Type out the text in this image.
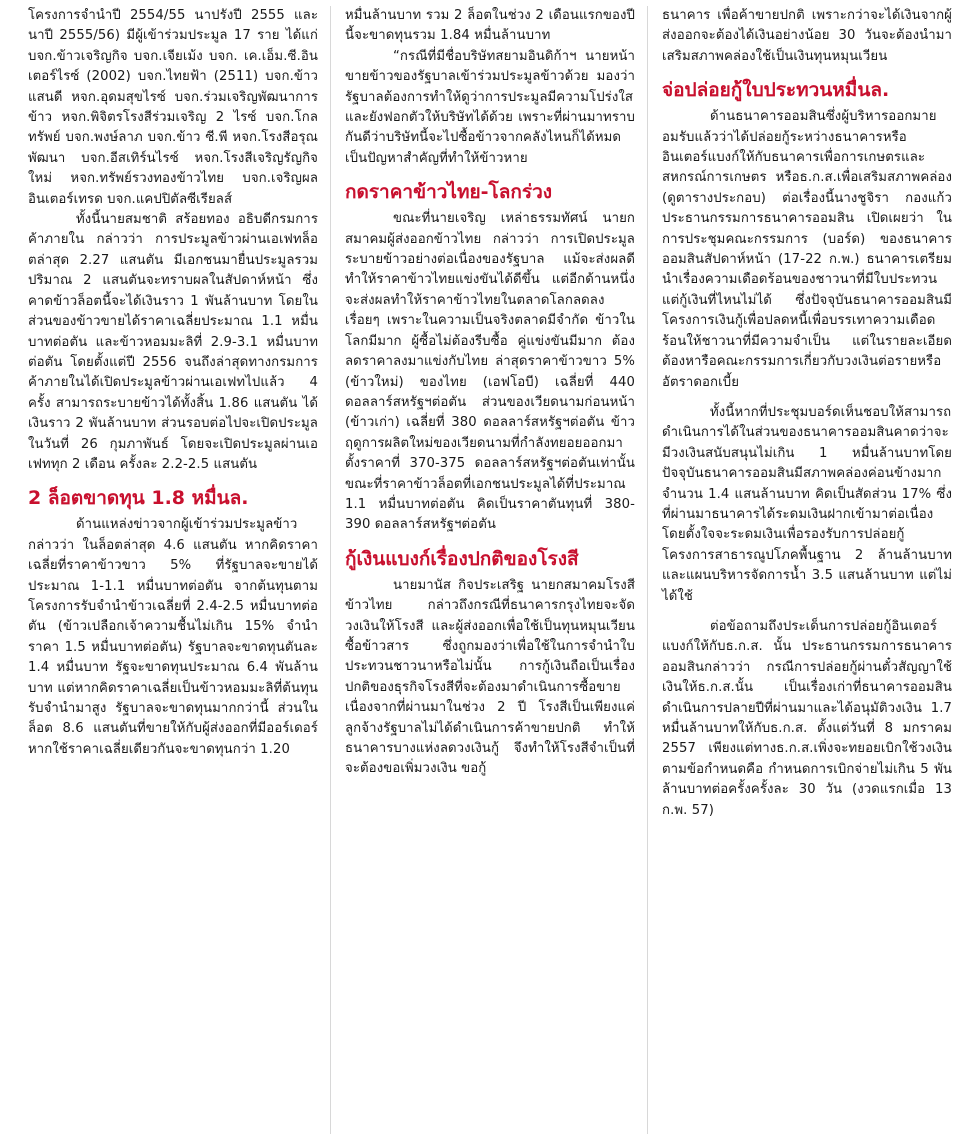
โครงการจำนำปี 2554/55 นาปรังปี 2555 และนาปี 2555/56) มีผู้เข้าร่วมประมูล 17 ราย ได้แก่ บจก.ข้าวเจริญกิจ บจก.เจียเม้ง บจก. เค.เอ็ม.ซี.อินเตอร์ไรซ์ (2002) บจก.ไทยฟ้า (2511) บจก.ข้าวแสนดี หจก.อุดมสุขไรซ์ บจก.ร่วมเจริญพัฒนาการข้าว หจก.พิจิตรโรงสีร่วมเจริญ 2 ไรซ์ บจก.โกลทรัพย์ บจก.พงษ์ลาภ บจก.ข้าว ซี.พี หจก.โรงสีอรุณพัฒนา บจก.อีสเทิร์นไรซ์ หจก.โรงสีเจริญรัญกิจใหม่ หจก.ทรัพย์รวงทองข้าวไทย บจก.เจริญผลอินเตอร์เทรด บจก.แคปปิตัลซีเรียลส์

ทั้งนี้นายสมชาติ สร้อยทอง อธิบดีกรมการค้าภายใน กล่าวว่า การประมูลข้าวผ่านเอเฟทล็อตล่าสุด 2.27 แสนตัน มีเอกชนมายื่นประมูลรวมปริมาณ 2 แสนตันจะทราบผลในสัปดาห์หน้า ซึ่งคาดข้าวล็อตนี้จะได้เงินราว 1 พันล้านบาท โดยในส่วนของข้าวขายได้ราคาเฉลี่ยประมาณ 1.1 หมื่นบาทต่อตัน และข้าวหอมมะลิที่ 2.9-3.1 หมื่นบาทต่อตัน โดยตั้งแต่ปี 2556 จนถึงล่าสุดทางกรมการค้าภายในได้เปิดประมูลข้าวผ่านเอเฟทไปแล้ว 4 ครั้ง สามารถระบายข้าวได้ทั้งสิ้น 1.86 แสนตัน ได้เงินราว 2 พันล้านบาท ส่วนรอบต่อไปจะเปิดประมูลในวันที่ 26 กุมภาพันธ์ โดยจะเปิดประมูลผ่านเอเฟททุก 2 เดือน ครั้งละ 2.2-2.5 แสนตัน

2 ล็อตขาดทุน 1.8 หมื่นล.

ด้านแหล่งข่าวจากผู้เข้าร่วมประมูลข้าว กล่าวว่า ในล็อตล่าสุด 4.6 แสนตัน หากคิดราคาเฉลี่ยที่ราคาข้าวขาว 5% ที่รัฐบาลจะขายได้ประมาณ 1-1.1 หมื่นบาทต่อตัน จากต้นทุนตามโครงการรับจำนำข้าวเฉลี่ยที่ 2.4-2.5 หมื่นบาทต่อตัน (ข้าวเปลือกเจ้าความชื้นไม่เกิน 15% จำนำราคา 1.5 หมื่นบาทต่อตัน) รัฐบาลจะขาดทุนตันละ 1.4 หมื่นบาท รัฐจะขาดทุนประมาณ 6.4 พันล้านบาท แต่หากคิดราคาเฉลี่ยเป็นข้าวหอมมะลิที่ต้นทุนรับจำนำมาสูง รัฐบาลจะขาดทุนมากกว่านี้ ส่วนในล็อต 8.6 แสนตันที่ขายให้กับผู้ส่งออกที่มีออร์เดอร์หากใช้ราคาเฉลี่ยเดียวกันจะขาดทุนกว่า 1.20

หมื่นล้านบาท รวม 2 ล็อตในช่วง 2 เดือนแรกของปีนี้จะขาดทุนรวม 1.84 หมื่นล้านบาท

“กรณีที่มีชื่อบริษัทสยามอินดิก้าฯ นายหน้าขายข้าวของรัฐบาลเข้าร่วมประมูลข้าวด้วย มองว่ารัฐบาลต้องการทำให้ดูว่าการประมูลมีความโปร่งใส และยังฟอกตัวให้บริษัทได้ด้วย เพราะที่ผ่านมาทราบกันดีว่าบริษัทนี้จะไปซื้อข้าวจากคลังไหนก็ได้หมด เป็นปัญหาสำคัญที่ทำให้ข้าวหาย

กดราคาข้าวไทย-โลกร่วง

ขณะที่นายเจริญ เหล่าธรรมทัศน์ นายกสมาคมผู้ส่งออกข้าวไทย กล่าวว่า การเปิดประมูลระบายข้าวอย่างต่อเนื่องของรัฐบาล แม้จะส่งผลดีทำให้ราคาข้าวไทยแข่งขันได้ดีขึ้น แต่อีกด้านหนึ่งจะส่งผลทำให้ราคาข้าวไทยในตลาดโลกลดลงเรื่อยๆ เพราะในความเป็นจริงตลาดมีจำกัด ข้าวในโลกมีมาก ผู้ซื้อไม่ต้องรีบซื้อ คู่แข่งขันมีมาก ต้องลดราคาลงมาแข่งกับไทย ล่าสุดราคาข้าวขาว 5% (ข้าวใหม่) ของไทย (เอฟโอบี) เฉลี่ยที่ 440 ดอลลาร์สหรัฐฯต่อตัน ส่วนของเวียดนามก่อนหน้า (ข้าวเก่า) เฉลี่ยที่ 380 ดอลลาร์สหรัฐฯต่อตัน ข้าวฤดูการผลิตใหม่ของเวียดนามที่กำลังทยอยออกมา ตั้งราคาที่ 370-375 ดอลลาร์สหรัฐฯต่อตันเท่านั้น ขณะที่ราคาข้าวล็อตที่เอกชนประมูลได้ที่ประมาณ 1.1 หมื่นบาทต่อตัน คิดเป็นราคาตันทุนที่ 380-390 ดอลลาร์สหรัฐฯต่อตัน

กู้เงินแบงก์เรื่องปกติของโรงสี

นายมานัส กิจประเสริฐ นายกสมาคมโรงสีข้าวไทย กล่าวถึงกรณีที่ธนาคารกรุงไทยจะจัดวงเงินให้โรงสี และผู้ส่งออกเพื่อใช้เป็นทุนหมุนเวียนซื้อข้าวสาร ซึ่งถูกมองว่าเพื่อใช้ในการจำนำใบประทวนชาวนาหรือไม่นั้น การกู้เงินถือเป็นเรื่องปกติของธุรกิจโรงสีที่จะต้องมาดำเนินการซื้อขาย เนื่องจากที่ผ่านมาในช่วง 2 ปี โรงสีเป็นเพียงแค่ลูกจ้างรัฐบาลไม่ได้ดำเนินการค้าขายปกติ ทำให้ธนาคารบางแห่งลดวงเงินกู้ จึงทำให้โรงสีจำเป็นที่จะต้องขอเพิ่มวงเงิน ขอกู้

ธนาคาร เพื่อค้าขายปกติ เพราะกว่าจะได้เงินจากผู้ส่งออกจะต้องได้เงินอย่างน้อย 30 วันจะต้องนำมาเสริมสภาพคล่องใช้เป็นเงินทุนหมุนเวียน

จ่อปล่อยกู้ใบประทวนหมื่นล.

ด้านธนาคารออมสินซึ่งผู้บริหารออกมายอมรับแล้วว่าได้ปล่อยกู้ระหว่างธนาคารหรืออินเตอร์แบงก์ให้กับธนาคารเพื่อการเกษตรและสหกรณ์การเกษตร หรือธ.ก.ส.เพื่อเสริมสภาพคล่อง (ดูตารางประกอบ) ต่อเรื่องนี้นางชูจิรา กองแก้ว ประธานกรรมการธนาคารออมสิน เปิดเผยว่า ในการประชุมคณะกรรมการ (บอร์ด) ของธนาคารออมสินสัปดาห์หน้า (17-22 ก.พ.) ธนาคารเตรียมนำเรื่องความเดือดร้อนของชาวนาที่มีใบประทวน แต่กู้เงินที่ไหนไม่ได้ ซึ่งปัจจุบันธนาคารออมสินมีโครงการเงินกู้เพื่อปลดหนี้เพื่อบรรเทาความเดือดร้อนให้ชาวนาที่มีความจำเป็น แต่ในรายละเอียดต้องหารือคณะกรรมการเกี่ยวกับวงเงินต่อรายหรืออัตราดอกเบี้ย

ทั้งนี้หากที่ประชุมบอร์ดเห็นชอบให้สามารถดำเนินการได้ในส่วนของธนาคารออมสินคาดว่าจะมีวงเงินสนับสนุนไม่เกิน 1 หมื่นล้านบาทโดยปัจจุบันธนาคารออมสินมีสภาพคล่องค่อนข้างมากจำนวน 1.4 แสนล้านบาท คิดเป็นสัดส่วน 17% ซึ่งที่ผ่านมาธนาคารได้ระดมเงินฝากเข้ามาต่อเนื่องโดยตั้งใจจะระดมเงินเพื่อรองรับการปล่อยกู้โครงการสาธารณูปโภคพื้นฐาน 2 ล้านล้านบาท และแผนบริหารจัดการน้ำ 3.5 แสนล้านบาท แต่ไม่ได้ใช้

ต่อข้อถามถึงประเด็นการปล่อยกู้อินเตอร์แบงก์ให้กับธ.ก.ส. นั้น ประธานกรรมการธนาคารออมสินกล่าวว่า กรณีการปล่อยกู้ผ่านตั๋วสัญญาใช้เงินให้ธ.ก.ส.นั้น เป็นเรื่องเก่าที่ธนาคารออมสินดำเนินการปลายปีที่ผ่านมาและได้อนุมัติวงเงิน 1.7 หมื่นล้านบาทให้กับธ.ก.ส. ตั้งแต่วันที่ 8 มกราคม 2557 เพียงแต่ทางธ.ก.ส.เพิ่งจะทยอยเบิกใช้วงเงินตามข้อกำหนดคือ กำหนดการเบิกจ่ายไม่เกิน 5 พันล้านบาทต่อครั้งครั้งละ 30 วัน (งวดแรกเมื่อ 13 ก.พ. 57)
